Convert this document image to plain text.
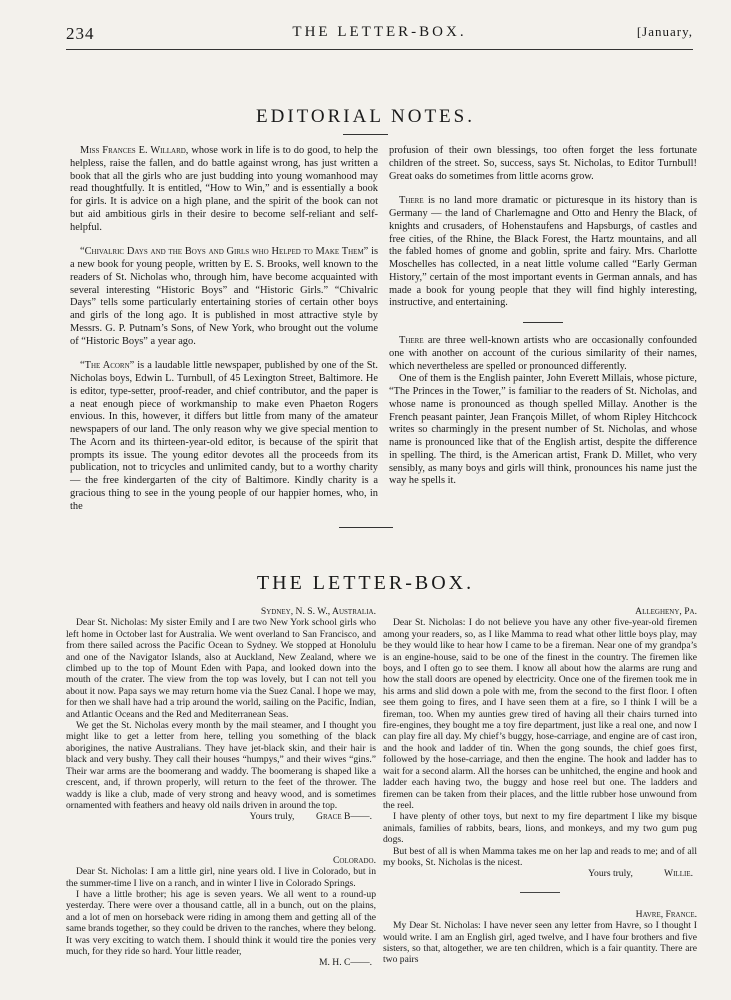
234	THE LETTER-BOX.	[January,
EDITORIAL NOTES.

Miss Frances E. Willard, whose work in life is to do good, to help the helpless, raise the fallen, and do battle against wrong, has just written a book that all the girls who are just budding into young womanhood may read thoughtfully. It is entitled, “How to Win,” and is essentially a book for girls. It is advice on a high plane, and the spirit of the book can not but aid ambitious girls in their desire to become self-reliant and self-helpful.

“Chivalric Days and the Boys and Girls who Helped to Make Them” is a new book for young people, written by E. S. Brooks, well known to the readers of St. Nicholas who, through him, have become acquainted with several interesting “Historic Boys” and “Historic Girls.” “Chivalric Days” tells some particularly entertaining stories of certain other boys and girls of the long ago. It is published in most attractive style by Messrs. G. P. Putnam’s Sons, of New York, who brought out the volume of “Historic Boys” a year ago.

“The Acorn” is a laudable little newspaper, published by one of the St. Nicholas boys, Edwin L. Turnbull, of 45 Lexington Street, Baltimore. He is editor, type-setter, proof-reader, and chief contributor, and the paper is a neat enough piece of workmanship to make even Phaeton Rogers envious. In this, however, it differs but little from many of the amateur newspapers of our land. The only reason why we give special mention to The Acorn and its thirteen-year-old editor, is because of the spirit that prompts its issue. The young editor devotes all the proceeds from its publication, not to tricycles and unlimited candy, but to a worthy charity — the free kindergarten of the city of Baltimore. Kindly charity is a gracious thing to see in the young people of our happier homes, who, in the

profusion of their own blessings, too often forget the less fortunate children of the street. So, success, says St. Nicholas, to Editor Turnbull! Great oaks do sometimes from little acorns grow.

There is no land more dramatic or picturesque in its history than is Germany — the land of Charlemagne and Otto and Henry the Black, of knights and crusaders, of Hohenstaufens and Hapsburgs, of castles and free cities, of the Rhine, the Black Forest, the Hartz mountains, and all the fabled homes of gnome and goblin, sprite and fairy. Mrs. Charlotte Moschelles has collected, in a neat little volume called “Early German History,” certain of the most important events in German annals, and has made a book for young people that they will find highly interesting, instructive, and entertaining.

There are three well-known artists who are occasionally confounded one with another on account of the curious similarity of their names, which nevertheless are spelled or pronounced differently.

One of them is the English painter, John Everett Millais, whose picture, “The Princes in the Tower,” is familiar to the readers of St. Nicholas, and whose name is pronounced as though spelled Millay. Another is the French peasant painter, Jean François Millet, of whom Ripley Hitchcock writes so charmingly in the present number of St. Nicholas, and whose name is pronounced like that of the English artist, despite the difference in spelling. The third, is the American artist, Frank D. Millet, who very sensibly, as many boys and girls will think, pronounces his name just the way he spells it.

THE LETTER-BOX.
Sydney, N. S. W., Australia.

Dear St. Nicholas: My sister Emily and I are two New York school girls who left home in October last for Australia. We went overland to San Francisco, and from there sailed across the Pacific Ocean to Sydney. We stopped at Honolulu and one of the Navigator Islands, also at Auckland, New Zealand, where we climbed up to the top of Mount Eden with Papa, and looked down into the mouth of the crater. The view from the top was lovely, but I can not tell you about it now. Papa says we may return home via the Suez Canal. I hope we may, for then we shall have had a trip around the world, sailing on the Pacific, Indian, and Atlantic Oceans and the Red and Mediterranean Seas.

We get the St. Nicholas every month by the mail steamer, and I thought you might like to get a letter from here, telling you something of the black aborigines, the native Australians. They have jet-black skin, and their hair is black and very bushy. They call their houses “humpys,” and their wives “gins.” Their war arms are the boomerang and waddy. The boomerang is shaped like a crescent, and, if thrown properly, will return to the feet of the thrower. The waddy is like a club, made of very strong and heavy wood, and is sometimes ornamented with feathers and heavy old nails driven in around the top.

Yours truly, Grace B——.
Colorado.

Dear St. Nicholas: I am a little girl, nine years old. I live in Colorado, but in the summer-time I live on a ranch, and in winter I live in Colorado Springs.

I have a little brother; his age is seven years. We all went to a round-up yesterday. There were over a thousand cattle, all in a bunch, out on the plains, and a lot of men on horseback were riding in among them and getting all of the same brands together, so they could be driven to the ranches, where they belong. It was very exciting to watch them. I should think it would tire the ponies very much, for they ride so hard. Your little reader,

M. H. C——.
Allegheny, Pa.

Dear St. Nicholas: I do not believe you have any other five-year-old firemen among your readers, so, as I like Mamma to read what other little boys play, may be they would like to hear how I came to be a fireman. Near one of my grandpa’s is an engine-house, said to be one of the finest in the country. The firemen like boys, and I often go to see them. I know all about how the alarms are rung and how the stall doors are opened by electricity. Once one of the firemen took me in his arms and slid down a pole with me, from the second to the first floor. I often see them going to fires, and I have seen them at a fire, so I think I will be a fireman, too. When my aunties grew tired of having all their chairs turned into fire-engines, they bought me a toy fire department, just like a real one, and now I can play fire all day. My chief’s buggy, hose-carriage, and engine are of cast iron, and the hook and ladder of tin. When the gong sounds, the chief goes first, followed by the hose-carriage, and then the engine. The hook and ladder has to wait for a second alarm. All the horses can be unhitched, the engine and hook and ladder each having two, the buggy and hose reel but one. The ladders and firemen can be taken from their places, and the little rubber hose unwound from the reel.

I have plenty of other toys, but next to my fire department I like my bisque animals, families of rabbits, bears, lions, and monkeys, and my two gum pug dogs.

But best of all is when Mamma takes me on her lap and reads to me; and of all my books, St. Nicholas is the nicest.

Yours truly,	Willie.
Havre, France.

My Dear St. Nicholas: I have never seen any letter from Havre, so I thought I would write. I am an English girl, aged twelve, and I have four brothers and five sisters, so that, altogether, we are ten children, which is a fair quantity. There are two pairs
